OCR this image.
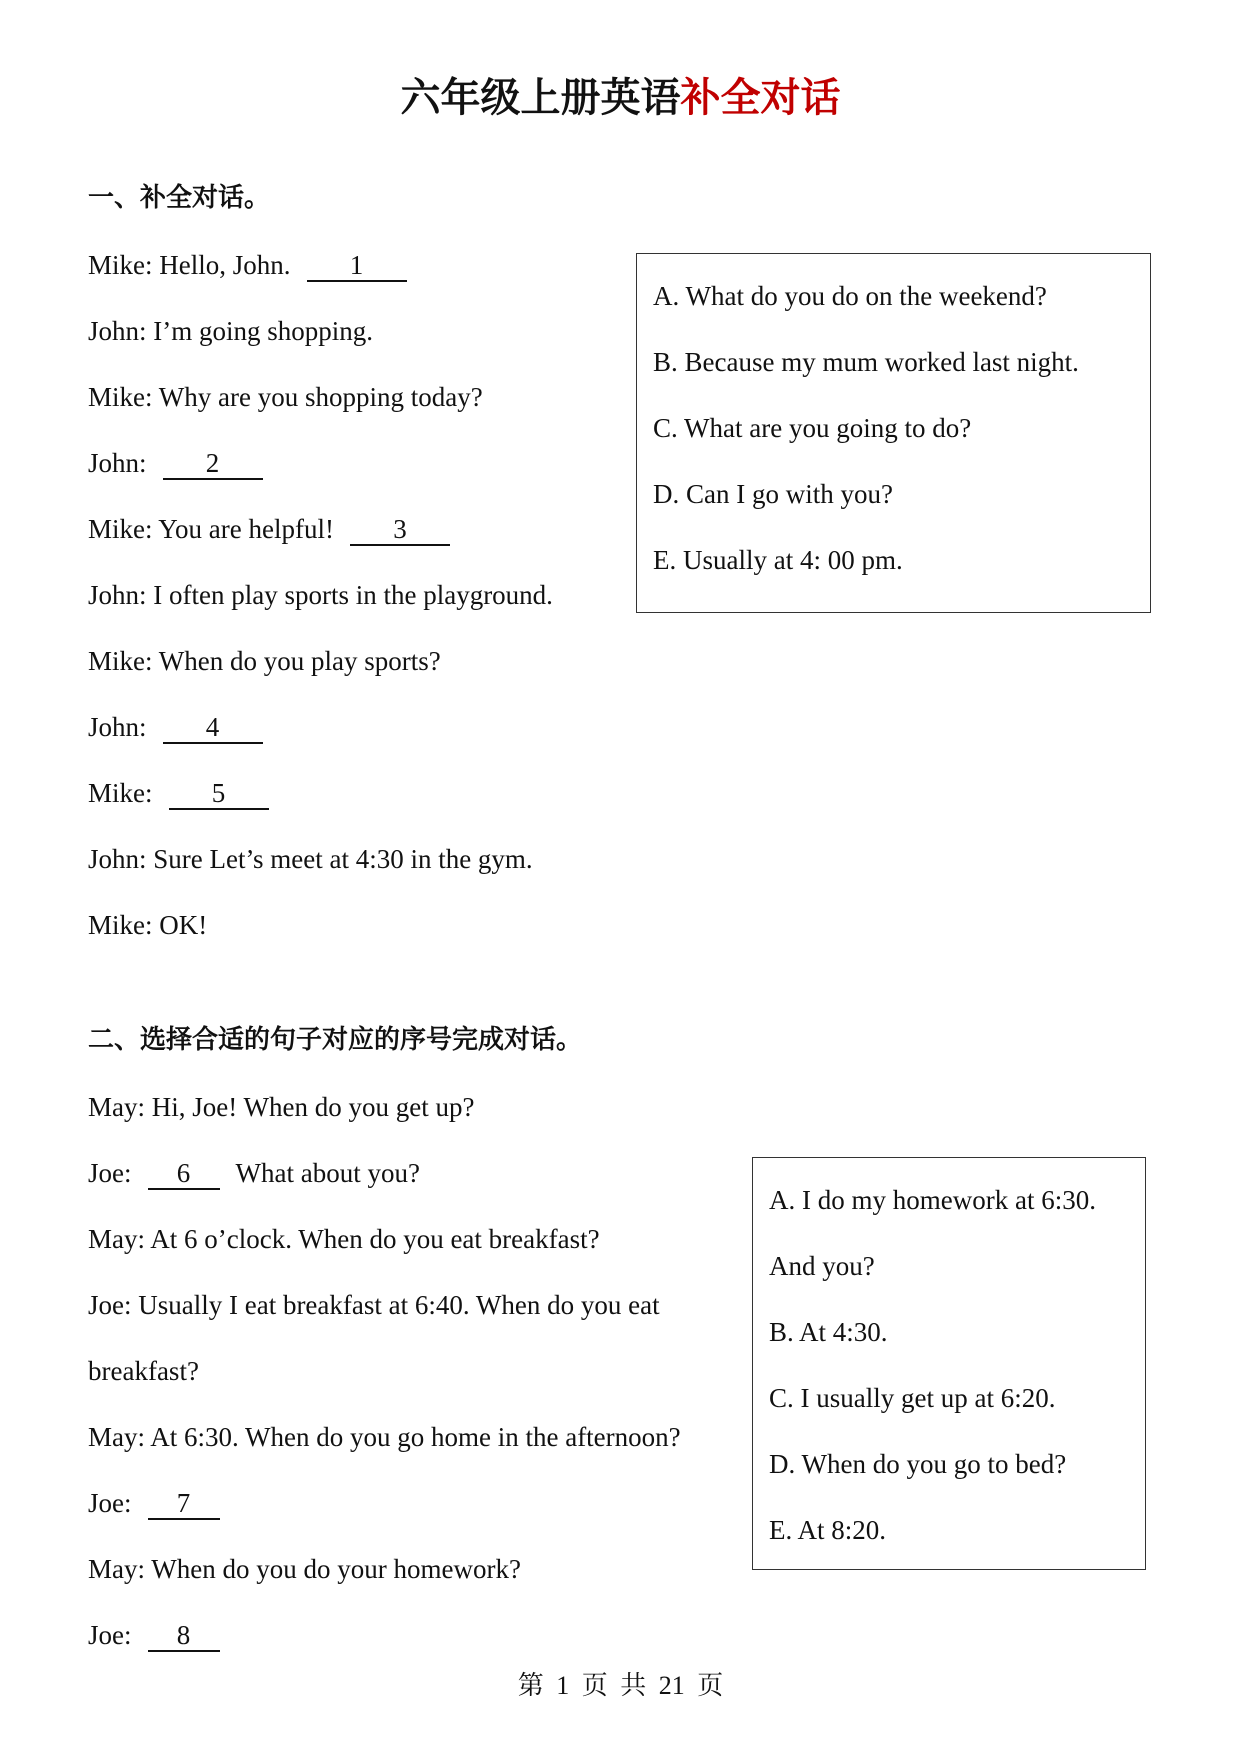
六年级上册英语补全对话
一、补全对话。
Mike: Hello, John. 1
John: I’m going shopping.
Mike: Why are you shopping today?
John: 2
Mike: You are helpful! 3
John: I often play sports in the playground.
Mike: When do you play sports?
John: 4
Mike: 5
John: Sure Let’s meet at 4:30 in the gym.
Mike: OK!
A. What do you do on the weekend?
B. Because my mum worked last night.
C. What are you going to do?
D. Can I go with you?
E. Usually at 4: 00 pm.
二、选择合适的句子对应的序号完成对话。
May: Hi, Joe! When do you get up?
Joe: 6 What about you?
May: At 6 o’clock. When do you eat breakfast?
Joe: Usually I eat breakfast at 6:40. When do you eat
breakfast?
May: At 6:30. When do you go home in the afternoon?
Joe: 7
May: When do you do your homework?
Joe: 8
A. I do my homework at 6:30.
And you?
B. At 4:30.
C. I usually get up at 6:20.
D. When do you go to bed?
E. At 8:20.
第 1 页 共 21 页
